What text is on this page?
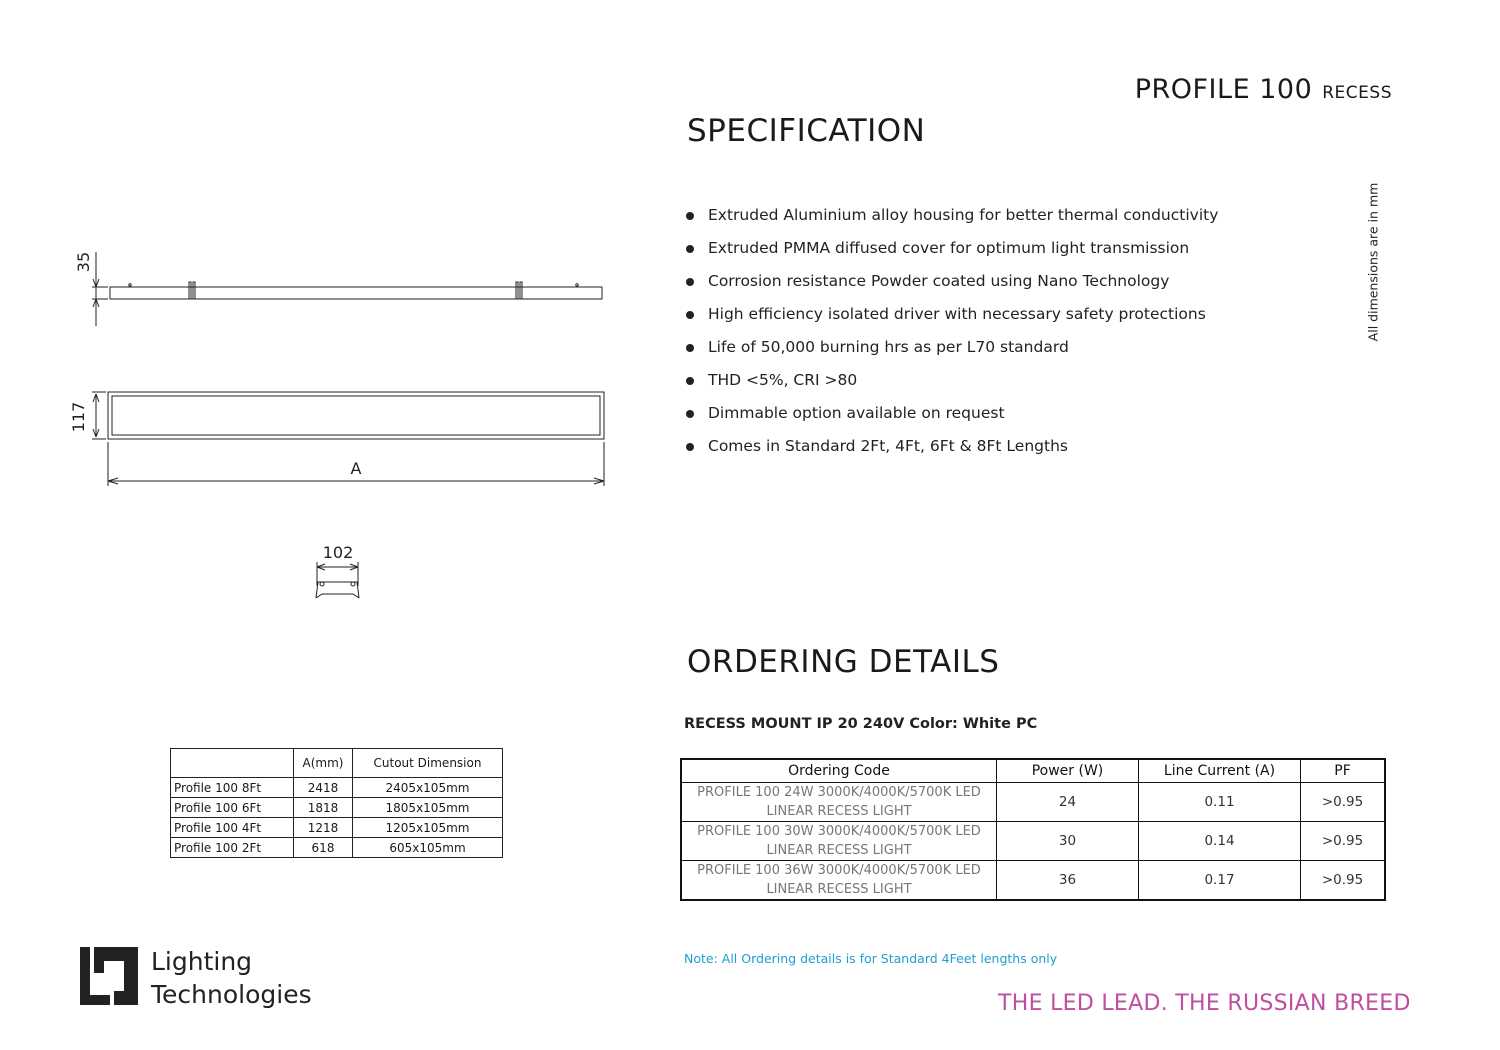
PROFILE 100 RECESS
SPECIFICATION
Extruded Aluminium alloy housing for better thermal conductivity
Extruded PMMA diffused cover for optimum light transmission
Corrosion resistance Powder coated using Nano Technology
High efficiency isolated driver with necessary safety protections
Life of 50,000 burning hrs as per L70 standard
THD <5%, CRI >80
Dimmable option available on request
Comes in Standard 2Ft, 4Ft, 6Ft & 8Ft Lengths
All dimensions are in mm
35
117
A
102
	A(mm)	Cutout Dimension
Profile 100 8Ft	2418	2405x105mm
Profile 100 6Ft	1818	1805x105mm
Profile 100 4Ft	1218	1205x105mm
Profile 100 2Ft	618	605x105mm
ORDERING DETAILS
RECESS MOUNT IP 20 240V Color: White PC
Ordering Code	Power (W)	Line Current (A)	PF

PROFILE 100 24W 3000K/4000K/5700K LED
LINEAR RECESS LIGHT	24	0.11	>0.95

PROFILE 100 30W 3000K/4000K/5700K LED
LINEAR RECESS LIGHT	30	0.14	>0.95

PROFILE 100 36W 3000K/4000K/5700K LED
LINEAR RECESS LIGHT	36	0.17	>0.95
Note: All Ordering details is for Standard 4Feet lengths only
Lighting
Technologies	THE LED LEAD. THE RUSSIAN BREED
